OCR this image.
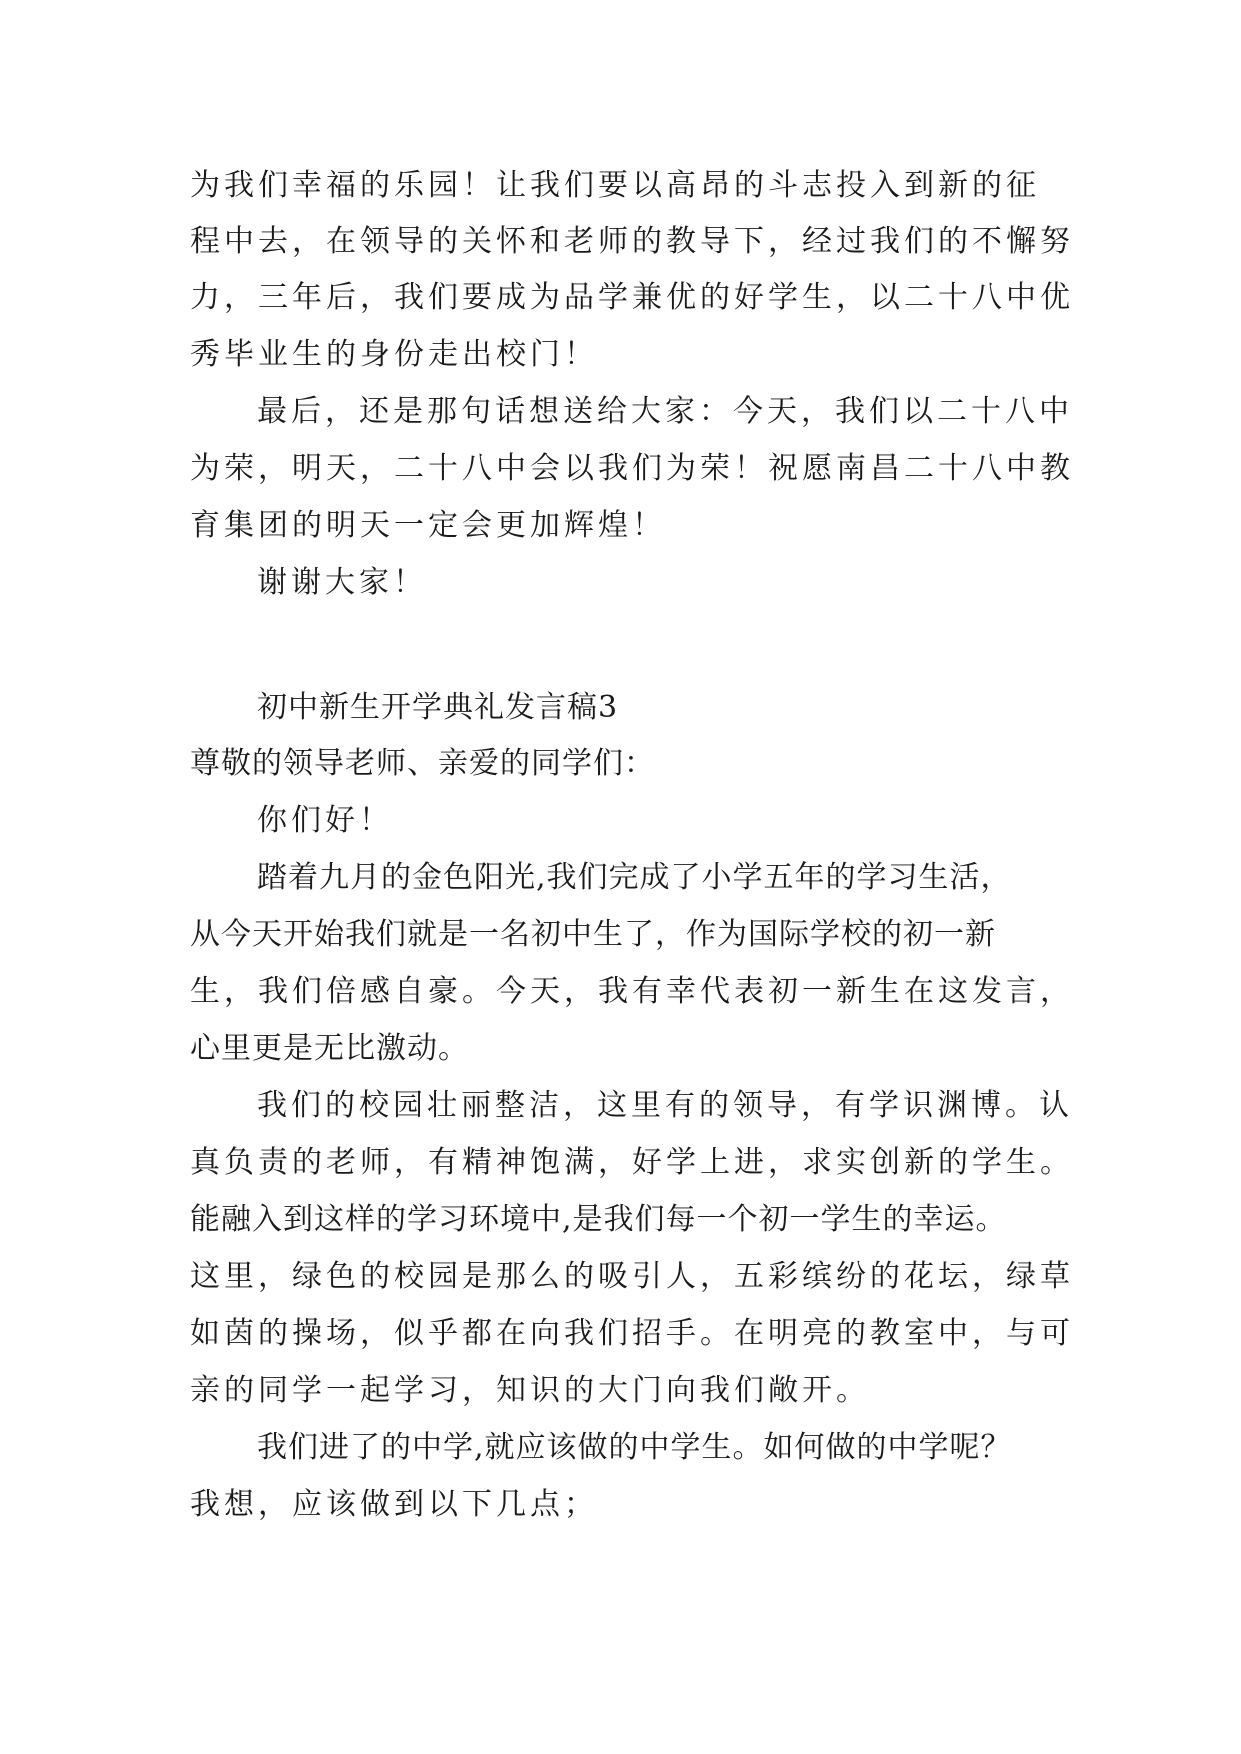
为我们幸福的乐园！让我们要以高昂的斗志投入到新的征
程中去，在领导的关怀和老师的教导下，经过我们的不懈努
力，三年后，我们要成为品学兼优的好学生，以二十八中优
秀毕业生的身份走出校门！
最后，还是那句话想送给大家：今天，我们以二十八中
为荣，明天，二十八中会以我们为荣！祝愿南昌二十八中教
育集团的明天一定会更加辉煌！
谢谢大家！
初中新生开学典礼发言稿3
尊敬的领导老师、亲爱的同学们：
你们好！
踏着九月的金色阳光,我们完成了小学五年的学习生活，
从今天开始我们就是一名初中生了，作为国际学校的初一新
生，我们倍感自豪。今天，我有幸代表初一新生在这发言，
心里更是无比激动。
我们的校园壮丽整洁，这里有的领导，有学识渊博。认
真负责的老师，有精神饱满，好学上进，求实创新的学生。
能融入到这样的学习环境中,是我们每一个初一学生的幸运。
这里，绿色的校园是那么的吸引人，五彩缤纷的花坛，绿草
如茵的操场，似乎都在向我们招手。在明亮的教室中，与可
亲的同学一起学习，知识的大门向我们敞开。
我们进了的中学,就应该做的中学生。如何做的中学呢？
我想，应该做到以下几点；
